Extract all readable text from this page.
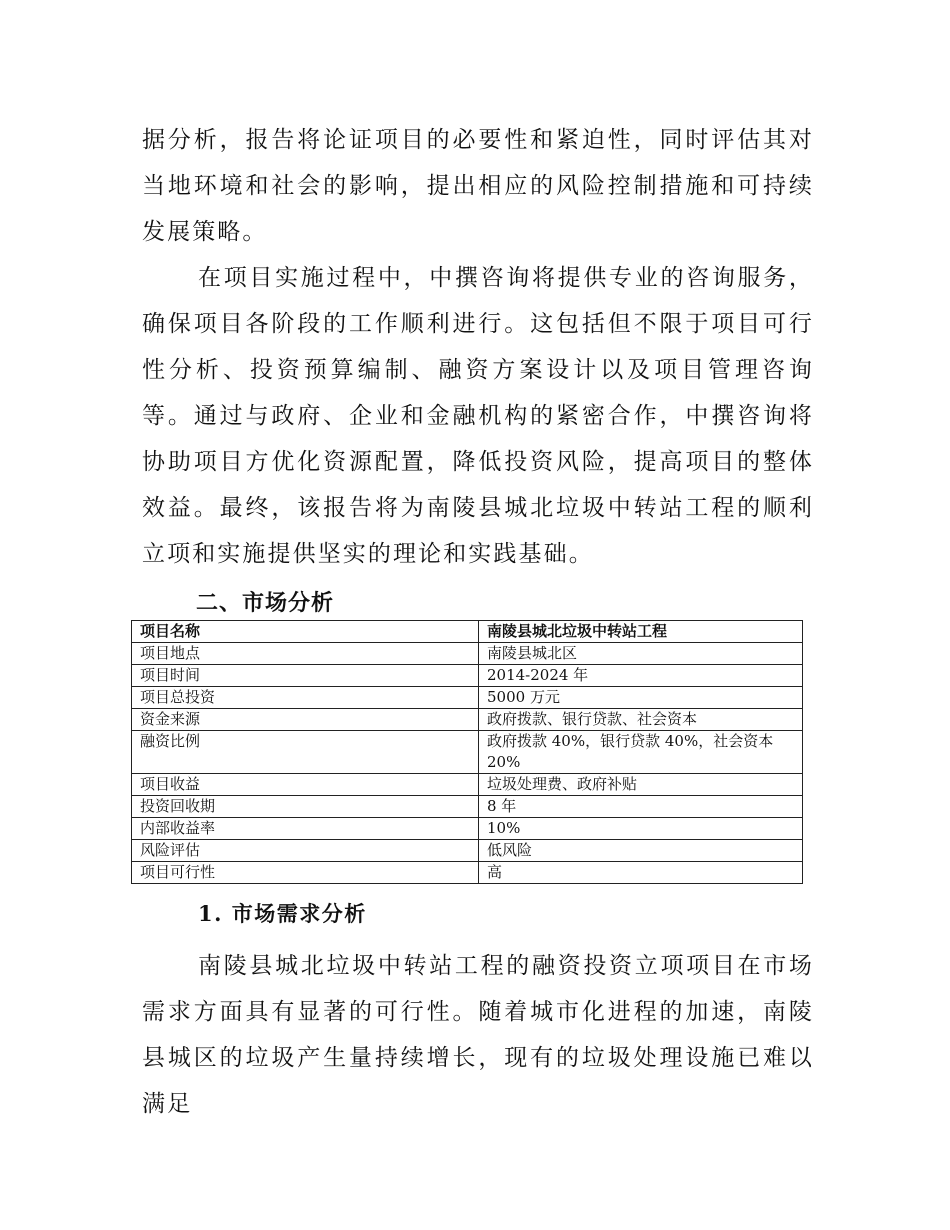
据分析，报告将论证项目的必要性和紧迫性，同时评估其对当地环境和社会的影响，提出相应的风险控制措施和可持续发展策略。

在项目实施过程中，中撰咨询将提供专业的咨询服务，确保项目各阶段的工作顺利进行。这包括但不限于项目可行性分析、投资预算编制、融资方案设计以及项目管理咨询等。通过与政府、企业和金融机构的紧密合作，中撰咨询将协助项目方优化资源配置，降低投资风险，提高项目的整体效益。最终，该报告将为南陵县城北垃圾中转站工程的顺利立项和实施提供坚实的理论和实践基础。

二、市场分析
项目名称	南陵县城北垃圾中转站工程
项目地点	南陵县城北区
项目时间	2014-2024 年
项目总投资	5000 万元
资金来源	政府拨款、银行贷款、社会资本
融资比例	政府拨款 40%，银行贷款 40%，社会资本 20%
项目收益	垃圾处理费、政府补贴
投资回收期	8 年
内部收益率	10%
风险评估	低风险
项目可行性	高
1. 市场需求分析

南陵县城北垃圾中转站工程的融资投资立项项目在市场需求方面具有显著的可行性。随着城市化进程的加速，南陵县城区的垃圾产生量持续增长，现有的垃圾处理设施已难以满足
